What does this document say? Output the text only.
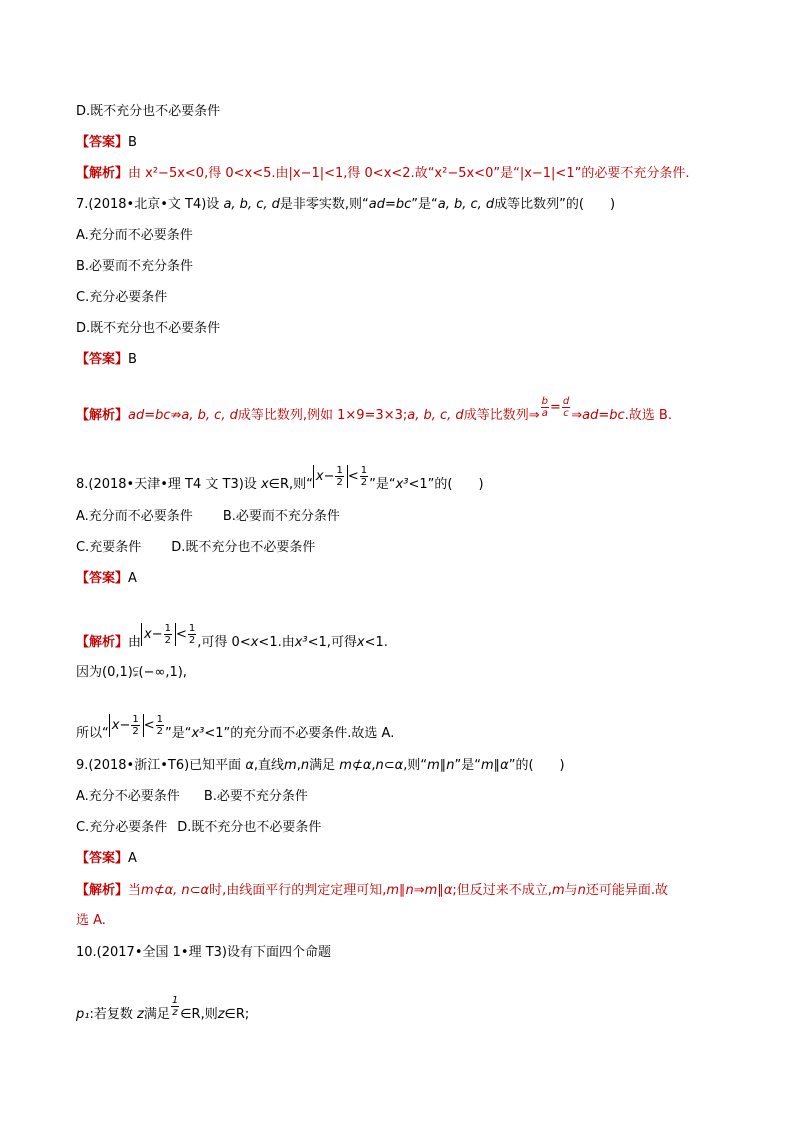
D.既不充分也不必要条件
【答案】B
【解析】由 x²−5x<0,得 0<x<5.由|x−1|<1,得 0<x<2.故“x²−5x<0”是“|x−1|<1”的必要不充分条件.
7.(2018•北京•文 T4)设 a, b, c, d是非零实数,则“ad=bc”是“a, b, c, d成等比数列”的(　　)
A.充分而不必要条件
B.必要而不充分条件
C.充分必要条件
D.既不充分也不必要条件
【答案】B
【解析】ad=bc⇏a, b, c, d成等比数列,例如 1×9=3×3;a, b, c, d成等比数列⇒ $\frac{b}{a} = \frac{d}{c}$ ⇒ad=bc.故选 B.
8.(2018•天津•理 T4 文 T3)设 x∈R,则“$x- \frac{1}{2} < \frac{1}{2}$ ”是“x³<1”的(　　)
A.充分而不必要条件 B.必要而不充分条件
C.充要条件 D.既不充分也不必要条件
【答案】A
【解析】由$x- \frac{1}{2} < \frac{1}{2}$ ,可得 0<x<1.由x³<1,可得x<1.
因为(0,1)⫋(−∞,1),
所以“$x- \frac{1}{2} < \frac{1}{2}$ ”是“x³<1”的充分而不必要条件.故选 A.
9.(2018•浙江•T6)已知平面 α,直线m,n满足 m⊄α,n⊂α,则“m∥n”是“m∥α”的(　　)
A.充分不必要条件 B.必要不充分条件
C.充分必要条件 D.既不充分也不必要条件
【答案】A
【解析】当m⊄α, n⊂α时,由线面平行的判定定理可知,m∥n⇒m∥α;但反过来不成立,m与n还可能异面.故
选 A.
10.(2017•全国 1•理 T3)设有下面四个命题
p₁:若复数 z满足 $\frac{1}{z}$ ∈R,则z∈R;
